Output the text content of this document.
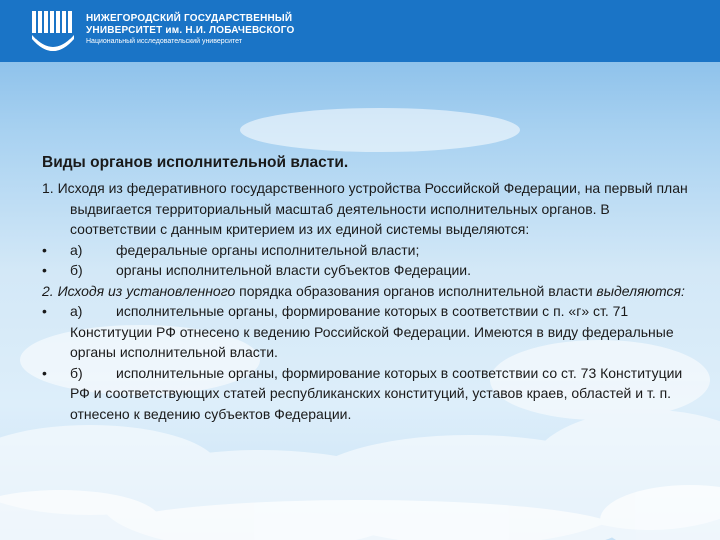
НИЖЕГОРОДСКИЙ ГОСУДАРСТВЕННЫЙ
УНИВЕРСИТЕТ им. Н.И. ЛОБАЧЕВСКОГО
Национальный исследовательский университет
Виды органов исполнительной власти.
1. Исходя из федеративного государственного устройства Российской Федерации, на первый план выдвигается территориальный масштаб деятельности исполнительных органов. В соответствии с данным критерием из их единой системы выделяются:
• а) федеральные органы исполнительной власти;
• б) органы исполнительной власти субъектов Федерации.
2. Исходя из установленного порядка образования органов исполнительной власти выделяются:
• а) исполнительные органы, формирование которых в соответствии с п. «г» ст. 71 Конституции РФ отнесено к ведению Российской Федерации. Имеются в виду федеральные органы исполнительной власти.
• б) исполнительные органы, формирование которых в соответствии со ст. 73 Конституции РФ и соответствующих статей республиканских конституций, уставов краев, областей и т. п. отнесено к ведению субъектов Федерации.
